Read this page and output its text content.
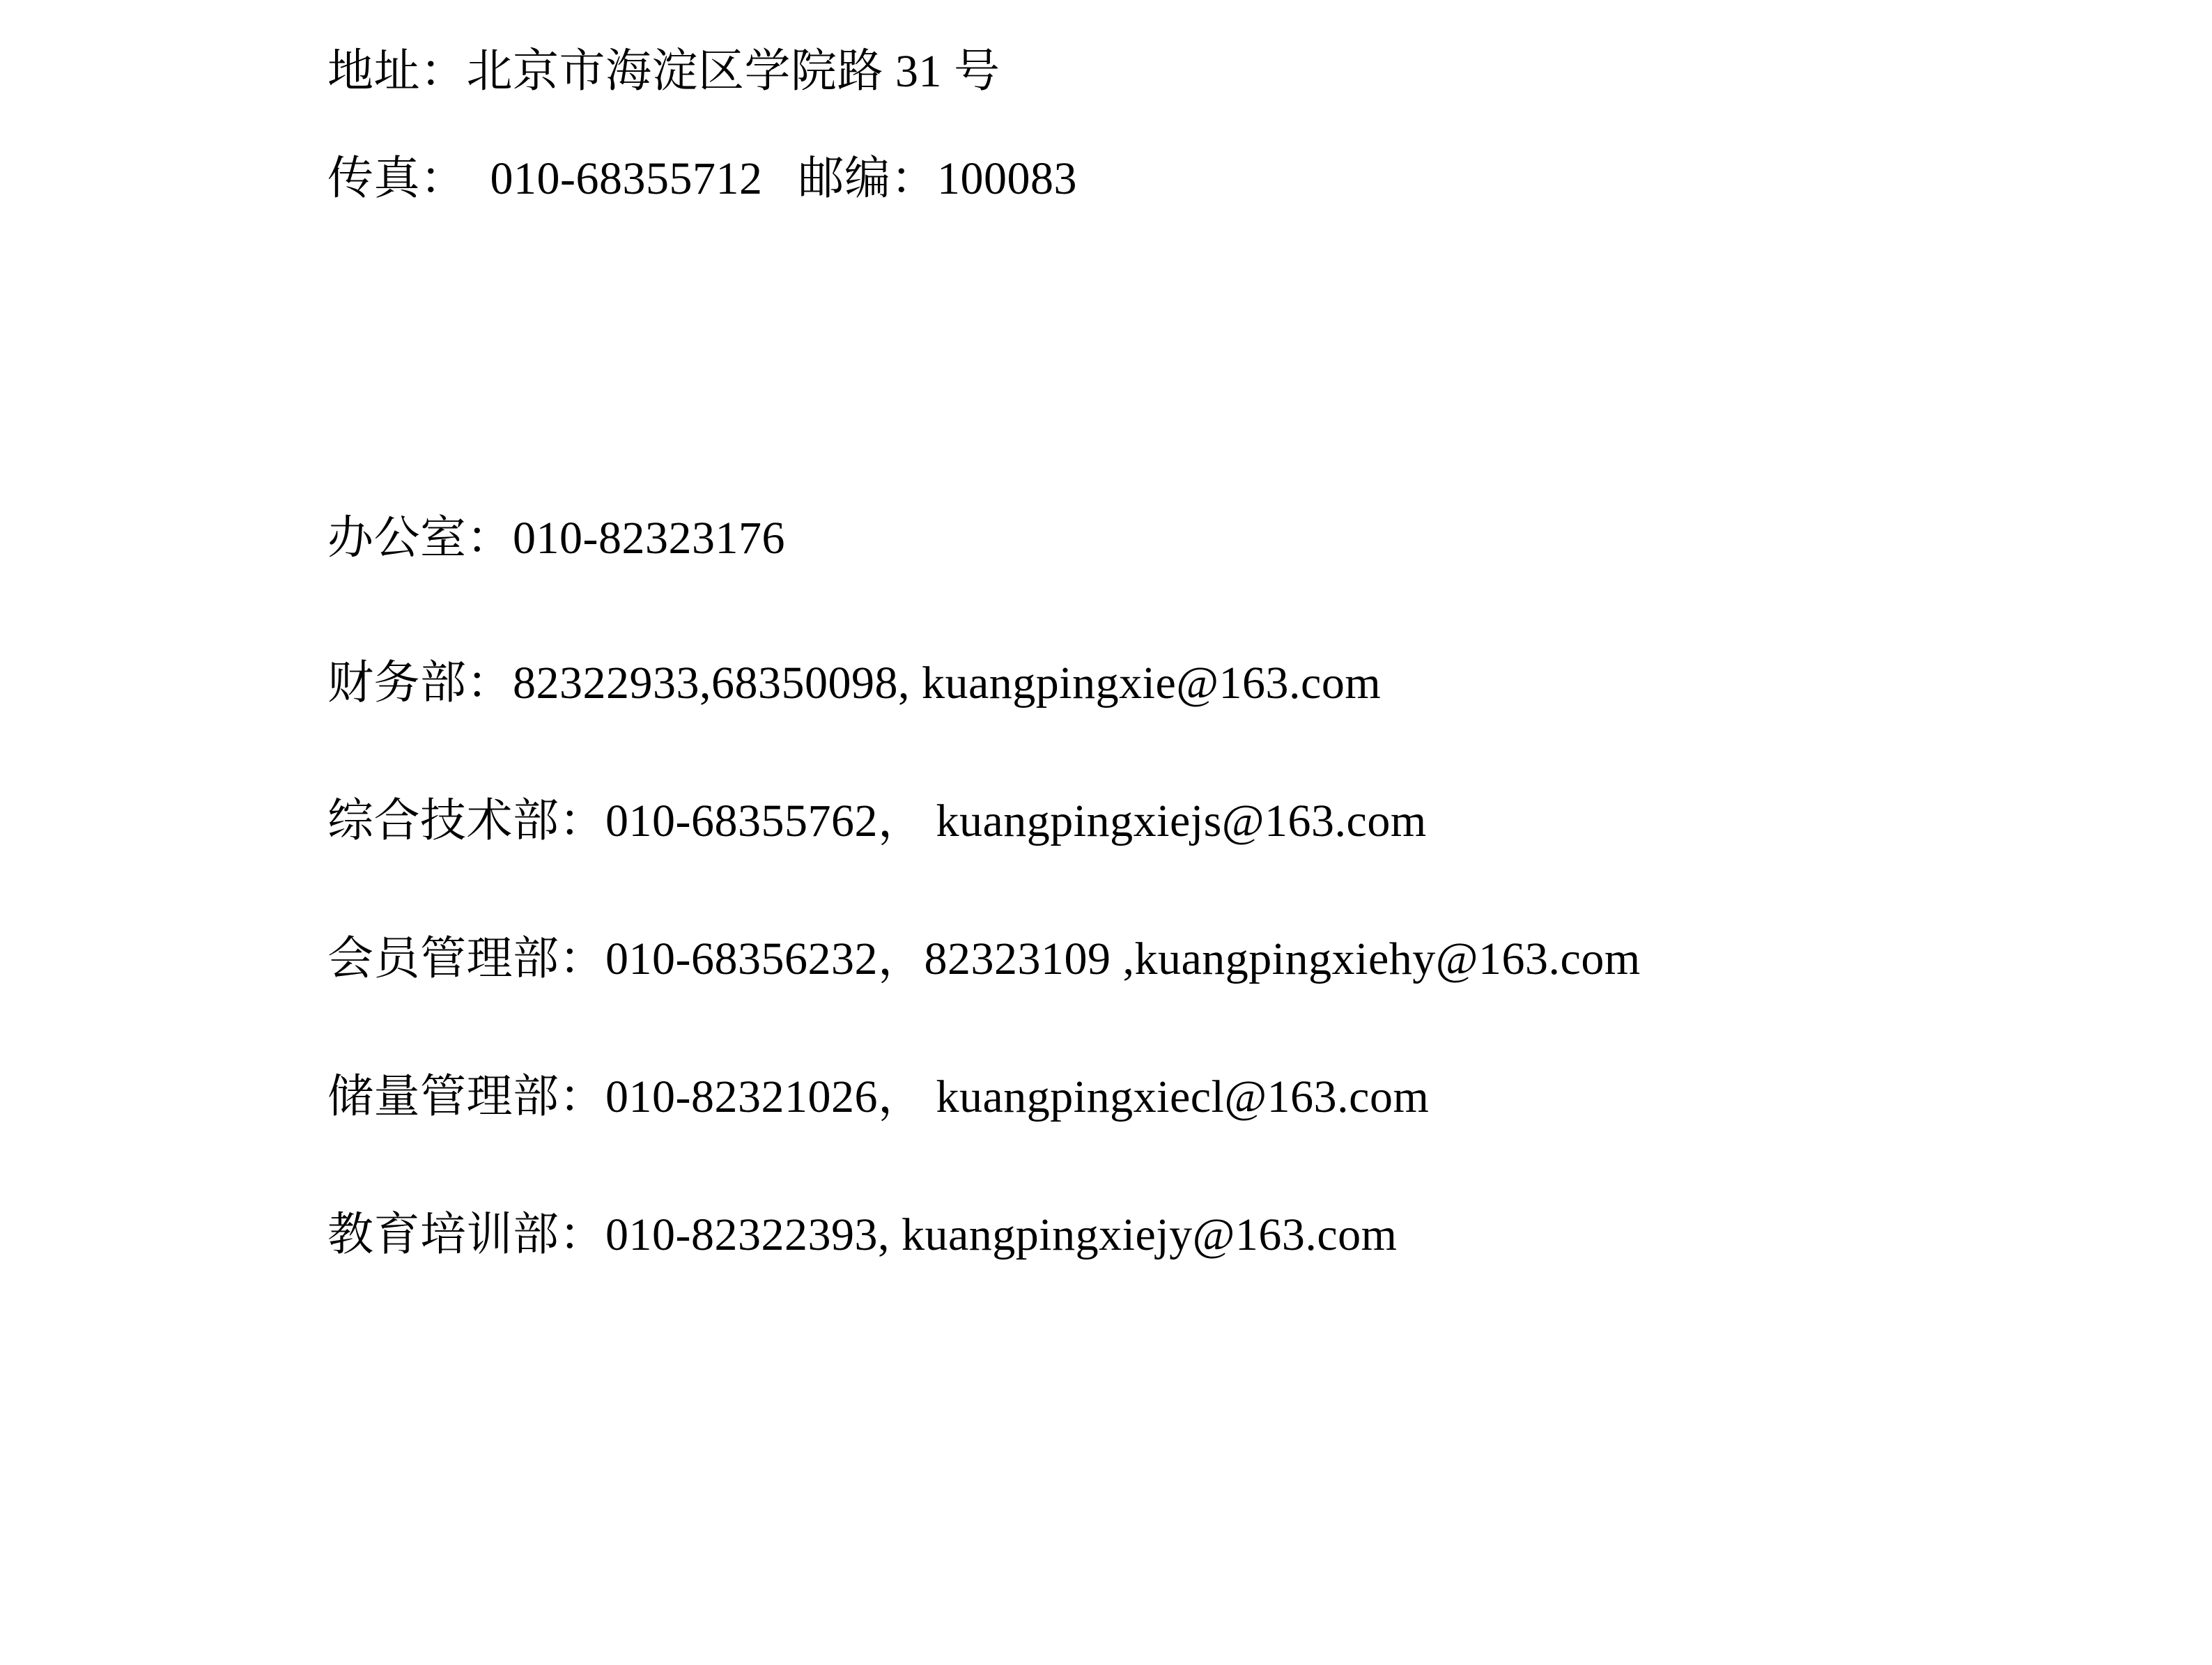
地址：北京市海淀区学院路 31 号
传真：  010-68355712   邮编：100083
办公室：010-82323176
财务部：82322933,68350098, kuangpingxie@163.com
综合技术部：010-68355762， kuangpingxiejs@163.com
会员管理部：010-68356232，82323109 ,kuangpingxiehy@163.com
储量管理部：010-82321026， kuangpingxiecl@163.com
教育培训部：010-82322393, kuangpingxiejy@163.com
